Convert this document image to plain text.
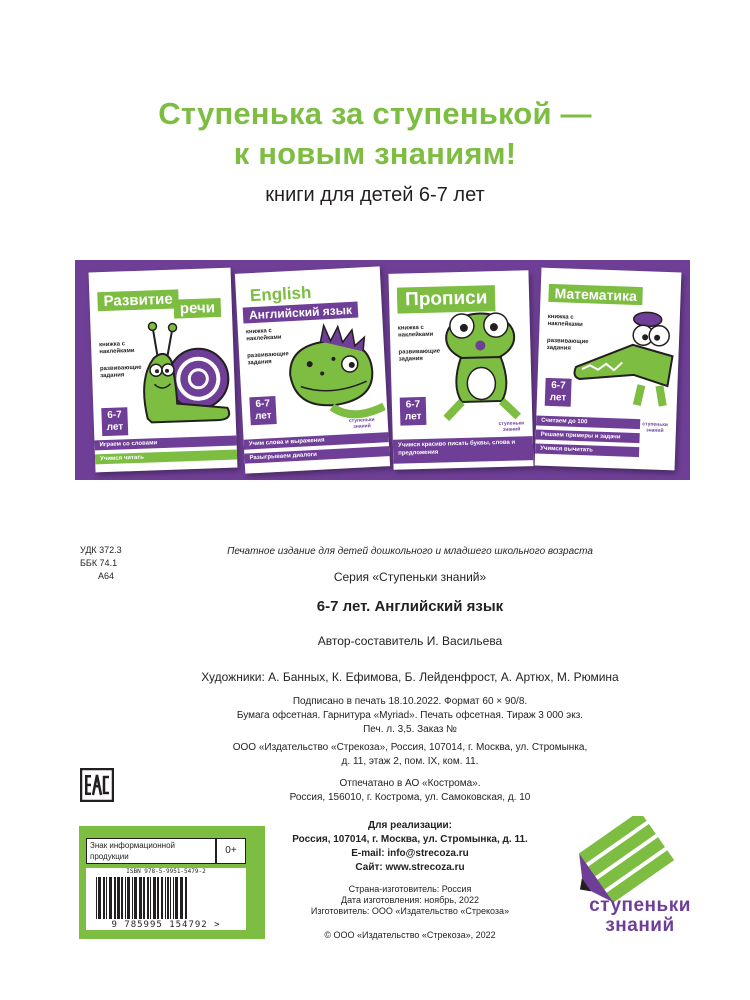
Ступенька за ступенькой —
к новым знаниям!
книги для детей 6-7 лет
Развитие речи
книжка с наклейками
развивающие задания
6-7
лет
Играем со словами
Учимся читать
English
Английский язык
книжка с наклейками
развивающие задания
6-7
лет	ступеньки знаний
Учим слова и выражения
Разыгрываем диалоги
Прописи
книжка с наклейками
развивающие задания
6-7
лет
ступеньки знаний
Учимся красиво писать буквы, слова и предложения
Математика
книжка с наклейками
развивающие задания
6-7
лет
ступеньки знаний
Считаем до 100
Решаем примеры и задачи
Учимся вычитать
УДК 372.3
ББК 74.1
А64
Печатное издание для детей дошкольного и младшего школьного возраста
Серия «Ступеньки знаний»
6-7 лет. Английский язык
Автор-составитель И. Васильева
Художники: А. Банных, К. Ефимова, Б. Лейденфрост, А. Артюх, М. Рюмина
Подписано в печать 18.10.2022. Формат 60 × 90/8.
Бумага офсетная. Гарнитура «Myriad». Печать офсетная. Тираж 3 000 экз.
Печ. л. 3,5. Заказ №
ООО «Издательство «Стрекоза», Россия, 107014, г. Москва, ул. Стромынка,
д. 11, этаж 2, пом. IX, ком. 11.
Отпечатано в АО «Кострома».
Россия, 156010, г. Кострома, ул. Самоковская, д. 10
Для реализации:
Россия, 107014, г. Москва, ул. Стромынка, д. 11.
E-mail: info@strecoza.ru
Сайт: www.strecoza.ru
Страна-изготовитель: Россия
Дата изготовления: ноябрь, 2022
Изготовитель: ООО «Издательство «Стрекоза»
© ООО «Издательство «Стрекоза», 2022
Знак информационной
продукции
0+
ISBN 978-5-9951-5479-2
9 785995 154792 >
ступеньки
знаний
